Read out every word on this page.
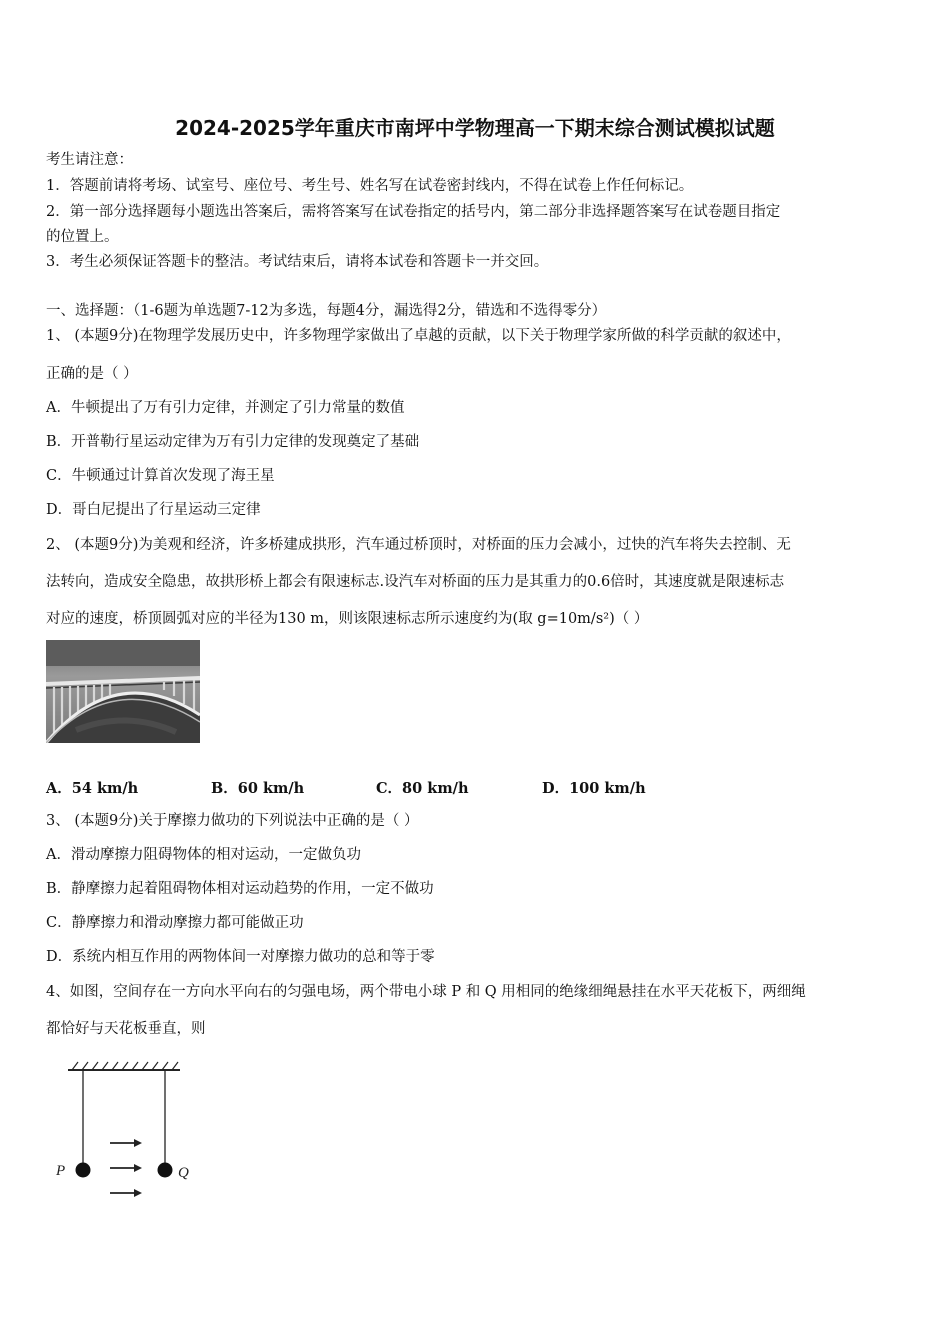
2024-2025学年重庆市南坪中学物理高一下期末综合测试模拟试题
考生请注意：
1．答题前请将考场、试室号、座位号、考生号、姓名写在试卷密封线内，不得在试卷上作任何标记。
2．第一部分选择题每小题选出答案后，需将答案写在试卷指定的括号内，第二部分非选择题答案写在试卷题目指定
的位置上。
3．考生必须保证答题卡的整洁。考试结束后，请将本试卷和答题卡一并交回。
一、选择题：（1-6题为单选题7-12为多选，每题4分，漏选得2分，错选和不选得零分）
1、 (本题9分)在物理学发展历史中，许多物理学家做出了卓越的贡献，以下关于物理学家所做的科学贡献的叙述中，
正确的是（ ）
A．牛顿提出了万有引力定律，并测定了引力常量的数值
B．开普勒行星运动定律为万有引力定律的发现奠定了基础
C．牛顿通过计算首次发现了海王星
D．哥白尼提出了行星运动三定律
2、 (本题9分)为美观和经济，许多桥建成拱形，汽车通过桥顶时，对桥面的压力会减小，过快的汽车将失去控制、无
法转向，造成安全隐患，故拱形桥上都会有限速标志.设汽车对桥面的压力是其重力的0.6倍时，其速度就是限速标志
对应的速度，桥顶圆弧对应的半径为130 m，则该限速标志所示速度约为(取 g=10m/s²)（ ）
A．54 km/h	B．60 km/h	C．80 km/h	D．100 km/h
3、 (本题9分)关于摩擦力做功的下列说法中正确的是（ ）
A．滑动摩擦力阻碍物体的相对运动，一定做负功
B．静摩擦力起着阻碍物体相对运动趋势的作用，一定不做功
C．静摩擦力和滑动摩擦力都可能做正功
D．系统内相互作用的两物体间一对摩擦力做功的总和等于零
4、如图，空间存在一方向水平向右的匀强电场，两个带电小球 P 和 Q 用相同的绝缘细绳悬挂在水平天花板下，两细绳
都恰好与天花板垂直，则
P	Q
